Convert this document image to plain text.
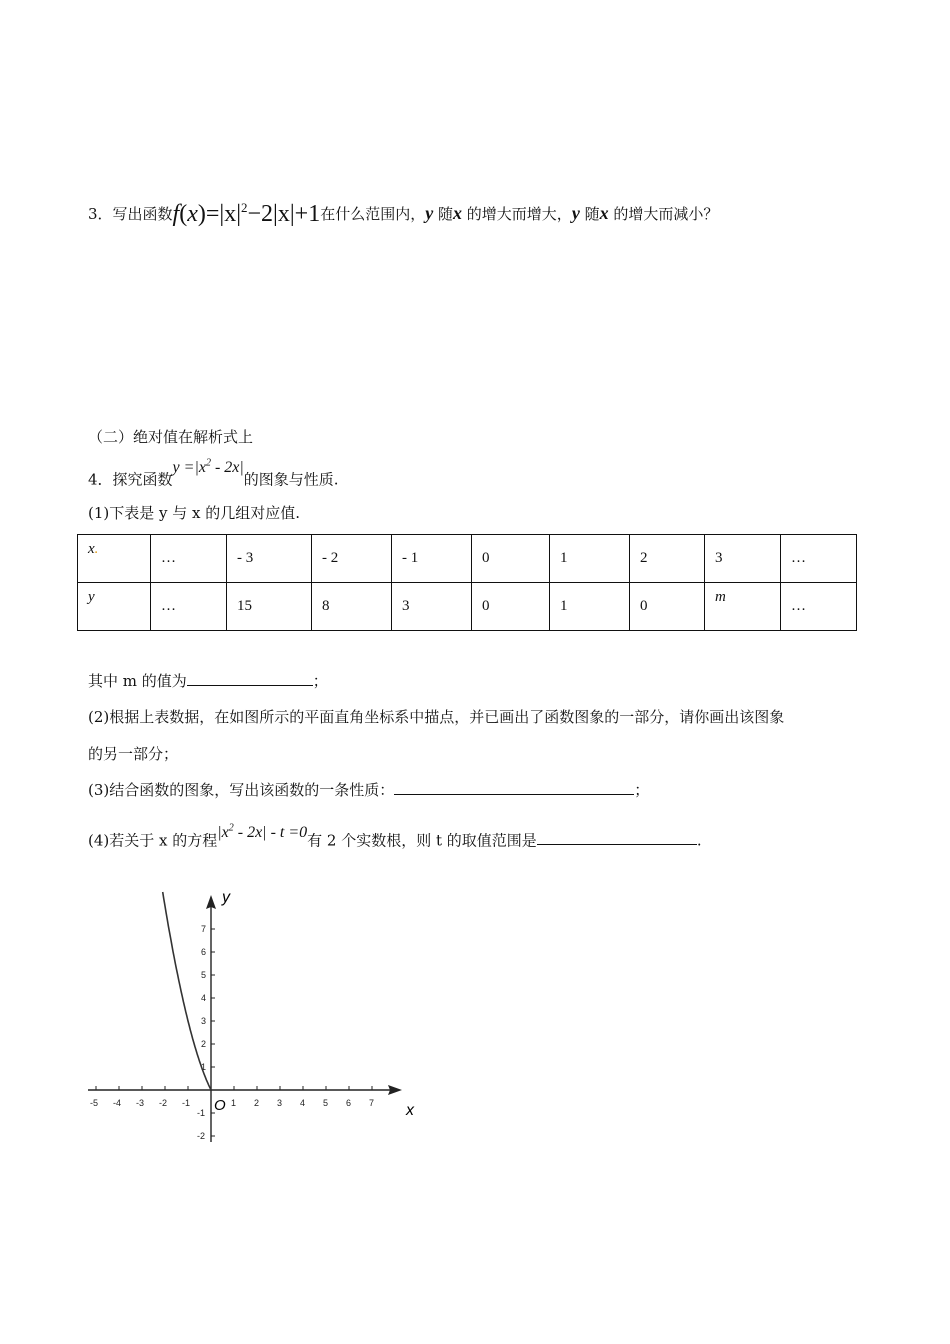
3．写出函数$f(x)=|x|^2-2|x|+1$在什么范围内，y 随x 的增大而增大，y 随x 的增大而减小？
（二）绝对值在解析式上
4．探究函数$y =|x^2 - 2x|$的图象与性质.
(1)下表是 y 与 x 的几组对应值.
x.	…	- 3	- 2	- 1	0	1	2	3	…
y	…	15	8	3	0	1	0	m	…
其中 m 的值为	；
(2)根据上表数据，在如图所示的平面直角坐标系中描点，并已画出了函数图象的一部分，请你画出该图象
的另一部分；
(3)结合函数的图象，写出该函数的一条性质：	；
(4)若关于 x 的方程$|x^2 - 2x| - t =0$有 2 个实数根，则 t 的取值范围是	.
-5 -4 -3 -2 -1	1 2 3 4 5 6 7
7
6
5
4
3
2
1
-1
-2
x
y
O
